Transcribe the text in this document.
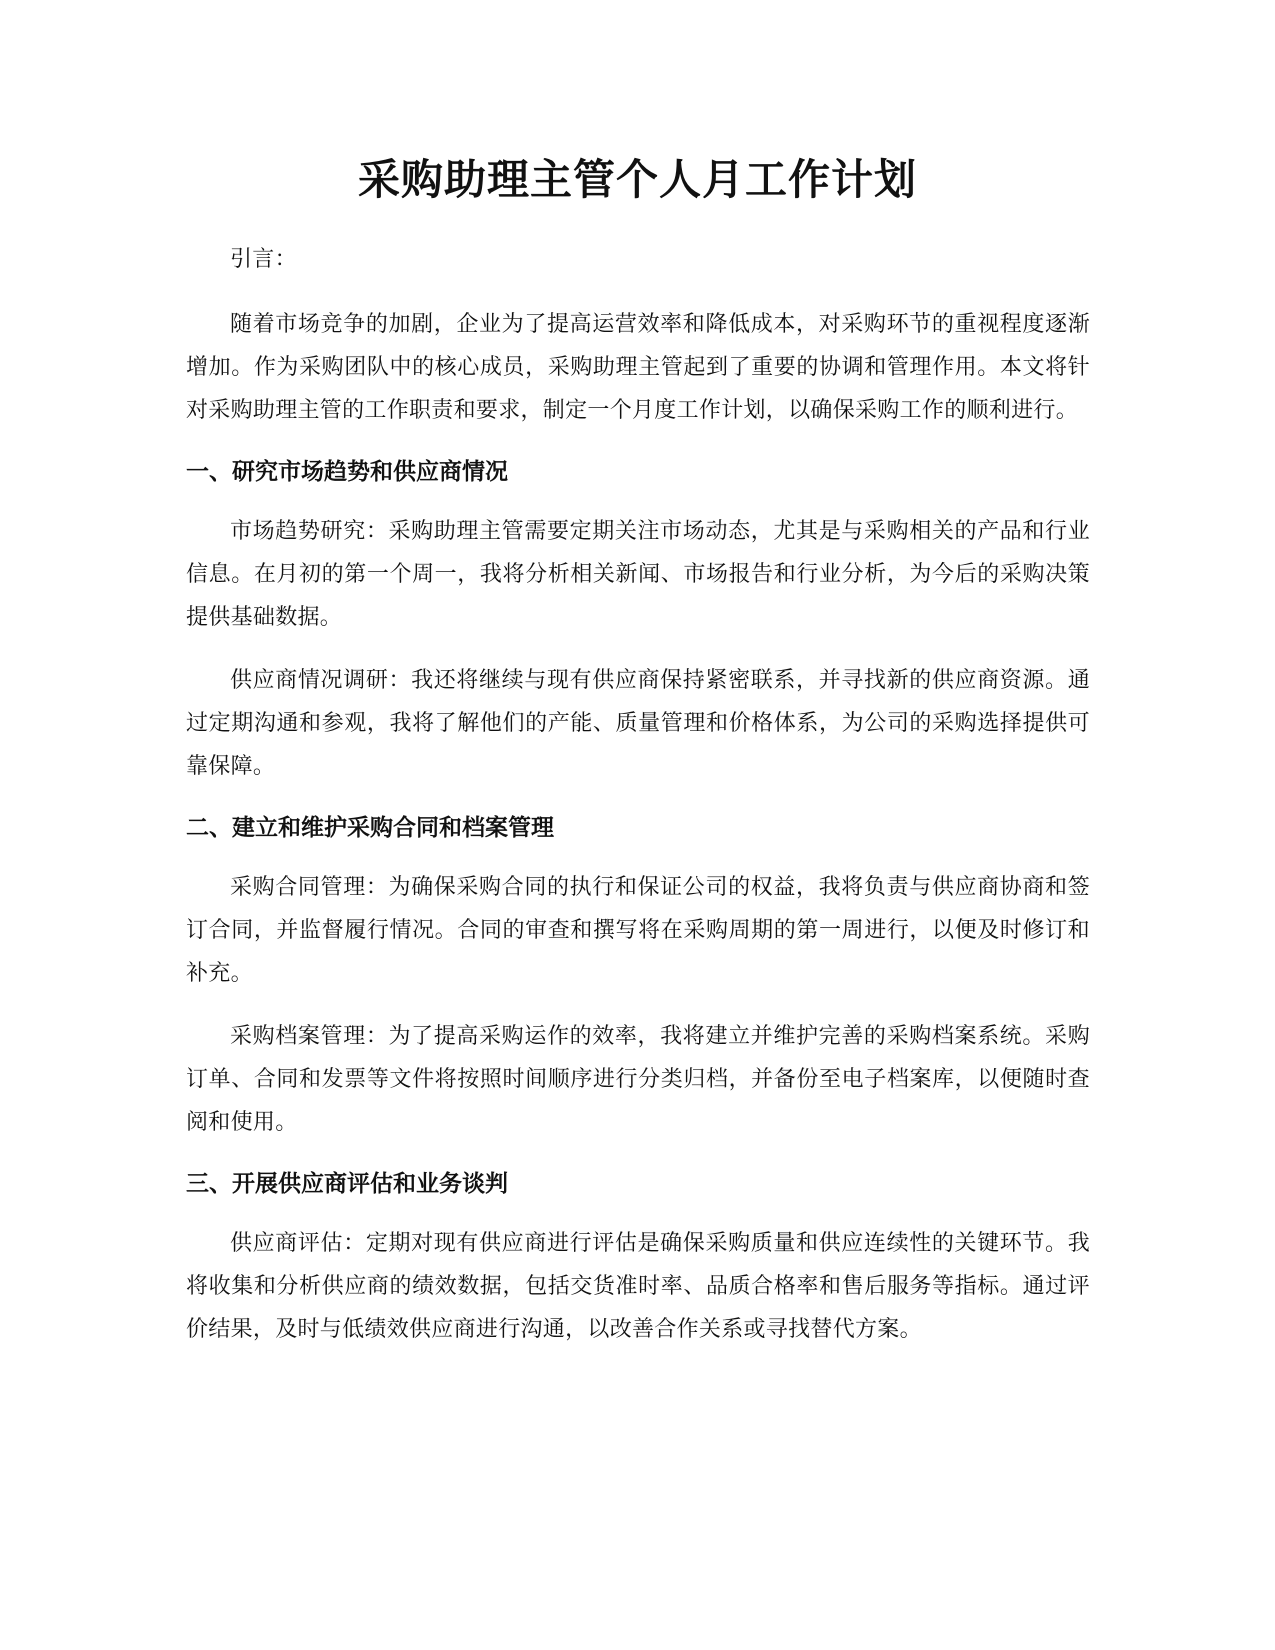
采购助理主管个人月工作计划

引言：

随着市场竞争的加剧，企业为了提高运营效率和降低成本，对采购环节的重视程度逐渐增加。作为采购团队中的核心成员，采购助理主管起到了重要的协调和管理作用。本文将针对采购助理主管的工作职责和要求，制定一个月度工作计划，以确保采购工作的顺利进行。

一、研究市场趋势和供应商情况

市场趋势研究：采购助理主管需要定期关注市场动态，尤其是与采购相关的产品和行业信息。在月初的第一个周一，我将分析相关新闻、市场报告和行业分析，为今后的采购决策提供基础数据。

供应商情况调研：我还将继续与现有供应商保持紧密联系，并寻找新的供应商资源。通过定期沟通和参观，我将了解他们的产能、质量管理和价格体系，为公司的采购选择提供可靠保障。

二、建立和维护采购合同和档案管理

采购合同管理：为确保采购合同的执行和保证公司的权益，我将负责与供应商协商和签订合同，并监督履行情况。合同的审查和撰写将在采购周期的第一周进行，以便及时修订和补充。

采购档案管理：为了提高采购运作的效率，我将建立并维护完善的采购档案系统。采购订单、合同和发票等文件将按照时间顺序进行分类归档，并备份至电子档案库，以便随时查阅和使用。

三、开展供应商评估和业务谈判

供应商评估：定期对现有供应商进行评估是确保采购质量和供应连续性的关键环节。我将收集和分析供应商的绩效数据，包括交货准时率、品质合格率和售后服务等指标。通过评价结果，及时与低绩效供应商进行沟通，以改善合作关系或寻找替代方案。
